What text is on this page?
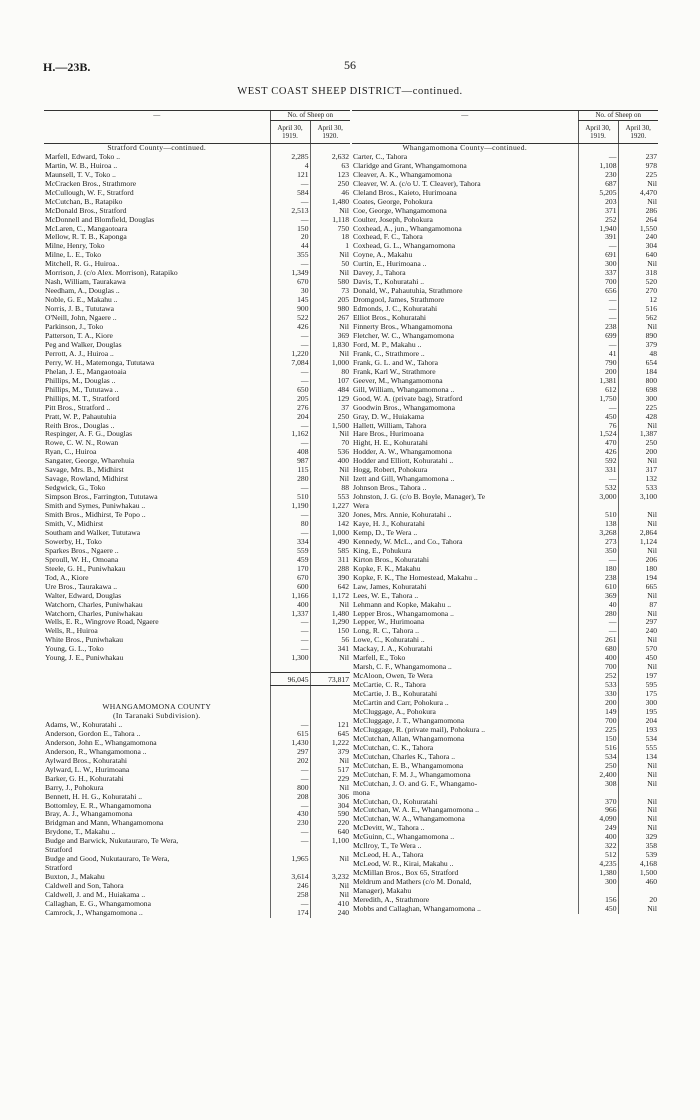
H.—23B.	56
WEST COAST SHEEP DISTRICT—continued.
—	No. of Sheep on	
	April 30,
1919.	April 30,
1920.
Stratford County—continued.		
Marfell, Edward, Toko ..	2,285	2,632
Martin, W. B., Huiroa ..	4	63
Maunsell, T. V., Toko ..	121	123
McCracken Bros., Strathmore	—	250
McCullough, W. F., Stratford	584	46
McCutchan, B., Ratapiko	—	1,480
McDonald Bros., Stratford	2,513	Nil
McDonnell and Blomfield, Douglas	—	1,118
McLaren, C., Mangaotoara	150	750
Mellow, R. T. B., Kaponga	20	18
Milne, Henry, Toko	44	1
Milne, L. E., Toko	355	Nil
Mitchell, R. G., Huiroa..	—	50
Morrison, J. (c/o Alex. Morrison), Ratapiko	1,349	Nil
Nash, William, Taurakawa	670	580
Needham, A., Douglas ..	30	73
Noble, G. E., Makahu ..	145	205
Norris, J. B., Tututawa	900	980
O'Neill, John, Ngaere ..	522	267
Parkinson, J., Toko	426	Nil
Patterson, T. A., Kiore	—	369
Peg and Walker, Douglas	—	1,830
Perrott, A. J., Huiroa ..	1,220	Nil
Perry, W. H., Matemonga, Tututawa	7,084	1,000
Phelan, J. E., Mangaotoaia	—	80
Phillips, M., Douglas ..	—	107
Phillips, M., Tututawa ..	650	484
Phillips, M. T., Stratford	205	129
Pitt Bros., Stratford ..	276	37
Pratt, W. P., Pahautuhia	204	250
Reith Bros., Douglas ..	—	1,500
Respinger, A. F. G., Douglas	1,162	Nil
Rowe, C. W. N., Rowan	—	70
Ryan, C., Huiroa	408	536
Sangater, George, Wharehuia	987	400
Savage, Mrs. B., Midhirst	115	Nil
Savage, Rowland, Midhirst	280	Nil
Sedgwick, G., Toko	—	88
Simpson Bros., Farrington, Tututawa	510	553
Smith and Symes, Puniwhakau ..	1,190	1,227
Smith Bros., Midhirst, Te Popo ..	—	320
Smith, V., Midhirst	80	142
Southam and Walker, Tututawa	—	1,000
Sowerby, H., Toko	334	490
Sparkes Bros., Ngaere ..	559	585
Sproull, W. H., Omoana	459	311
Steele, G. H., Puniwhakau	170	288
Tod, A., Kiore	670	390
Ure Bros., Taurakawa ..	600	642
Walter, Edward, Douglas	1,166	1,172
Watchorn, Charles, Puniwhakau	400	Nil
Watchorn, Charles, Puniwhakau	1,337	1,480
Wells, E. R., Wingrove Road, Ngaere	—	1,290
Wells, R., Huiroa	—	150
White Bros., Puniwhakau	—	56
Young, G. L., Toko	—	341
Young, J. E., Puniwhakau	1,300	Nil

	96,045	73,817

WHANGAMOMONA COUNTY		
(In Taranaki Subdivision).		
Adams, W., Kohuratahi ..	—	121
Anderson, Gordon E., Tahora ..	615	645
Anderson, John E., Whangamomona	1,430	1,222
Anderson, R., Whangamomona ..	297	379
Aylward Bros., Kohuratahi	202	Nil
Aylward, L. W., Hurimoana	—	517
Barker, G. H., Kohuratahi	—	229
Barry, J., Pohokura	800	Nil
Bennett, H. H. G., Kohuratahi ..	208	306
Bottomley, E. R., Whangamomona	—	304
Bray, A. J., Whangamomona	430	590
Bridgman and Mann, Whangamomona	230	220
Brydone, T., Makahu ..	—	640
Budge and Barwick, Nukutauraro, Te Wera,	—	1,100
Stratford		
Budge and Good, Nukutauraro, Te Wera,	1,965	Nil
Stratford		
Buxton, J., Makahu	3,614	3,232
Caldwell and Son, Tahora	246	Nil
Caldwell, J. and M., Huiakama ..	258	Nil
Callaghan, E. G., Whangamomona	—	410
Camrock, J., Whangamomona ..	174	240
—	No. of Sheep on	
	April 30,
1919.	April 30,
1920.
Whangamomona County—continued.		
Carter, C., Tahora	—	237
Claridge and Grant, Whangamomona	1,108	978
Cleaver, A. K., Whangamomona	230	225
Cleaver, W. A. (c/o U. T. Cleaver), Tahora	687	Nil
Cleland Bros., Kaieto, Hurimoana	5,205	4,470
Coates, George, Pohokura	203	Nil
Coe, George, Whangamomona	371	286
Coulter, Joseph, Pohokura	252	264
Coxhead, A., jun., Whangamomona	1,940	1,550
Coxhead, F. C., Tahora	391	240
Coxhead, G. L., Whangamomona	—	304
Coyne, A., Makahu	691	640
Curtin, E., Hurimoana ..	300	Nil
Davey, J., Tahora	337	318
Davis, T., Kohuratahi ..	700	520
Donald, W., Pahautuhia, Strathmore	656	270
Dromgool, James, Strathmore	—	12
Edmonds, J. C., Kohuratahi	—	516
Elliot Bros., Kohuratahi	—	562
Finnerty Bros., Whangamomona	238	Nil
Fletcher, W. C., Whangamomona	699	890
Ford, M. P., Makahu ..	—	379
Frank, C., Strathmore ..	41	48
Frank, G. L. and W., Tahora	790	654
Frank, Karl W., Strathmore	200	184
Geever, M., Whangamomona	1,381	800
Gill, William, Whangamomona ..	612	698
Good, W. A. (private bag), Stratford	1,750	300
Goodwin Bros., Whangamomona	—	225
Gray, D. W., Huiakama	450	428
Hallett, William, Tahora	76	Nil
Hare Bros., Hurimoana	1,524	1,387
Hight, H. E., Kohuratahi	470	250
Hodder, A. W., Whangamomona	426	200
Hodder and Elliott, Kohuratahi ..	592	Nil
Hogg, Robert, Pohokura	331	317
Izett and Gill, Whangamomona ..	—	132
Johnson Bros., Tahora ..	532	533
Johnston, J. G. (c/o B. Boyle, Manager), Te	3,000	3,100
Wera		
Jones, Mrs. Annie, Kohuratahi ..	510	Nil
Kaye, H. J., Kohuratahi	138	Nil
Kemp, D., Te Wera ..	3,268	2,864
Kennedy, W. McL., and Co., Tahora	273	1,124
King, E., Pohukura	350	Nil
Kirton Bros., Kohuratahi	—	206
Kopke, F. K., Makahu	180	180
Kopke, F. K., The Homestead, Makahu ..	238	194
Law, James, Kohuratahi	610	665
Lees, W. E., Tahora ..	369	Nil
Lehmann and Kopke, Makahu ..	40	87
Lepper Bros., Whangamomona ..	280	Nil
Lepper, W., Hurimoana	—	297
Long, R. C., Tahora ..	—	240
Lowe, C., Kohuratahi ..	261	Nil
Mackay, J. A., Kohuratahi	680	570
Marfell, E., Toko	400	450
Marsh, C. F., Whangamomona ..	700	Nil
McAloon, Owen, Te Wera	252	197
McCartie, C. R., Tahora	533	595
McCartie, J. B., Kohuratahi	330	175
McCartin and Carr, Pohokura ..	200	300
McCluggage, A., Pohokura	149	195
McCluggage, J. T., Whangamomona	700	204
McCluggage, R. (private mail), Pohokura ..	225	193
McCutchan, Allan, Whangamomona	150	534
McCutchan, C. K., Tahora	516	555
McCutchan, Charles K., Tahora ..	534	134
McCutchan, E. B., Whangamomona	250	Nil
McCutchan, F. M. J., Whangamomona	2,400	Nil
McCutchan, J. O. and G. F., Whangamo-	308	Nil
mona		
McCutchan, O., Kohuratahi	370	Nil
McCutchan, W. A. E., Whangamomona ..	966	Nil
McCutchan, W. A., Whangamomona	4,090	Nil
McDevitt, W., Tahora ..	249	Nil
McGuinn, C., Whangamomona ..	400	329
McIlroy, T., Te Wera ..	322	358
McLeod, H. A., Tahora	512	539
McLeod, W. R., Kirai, Makahu ..	4,235	4,168
McMillan Bros., Box 65, Stratford	1,380	1,500
Meldrum and Mathers (c/o M. Donald,	300	460
Manager), Makahu		
Meredith, A., Strathmore	156	20
Mobbs and Callaghan, Whangamomona ..	450	Nil
